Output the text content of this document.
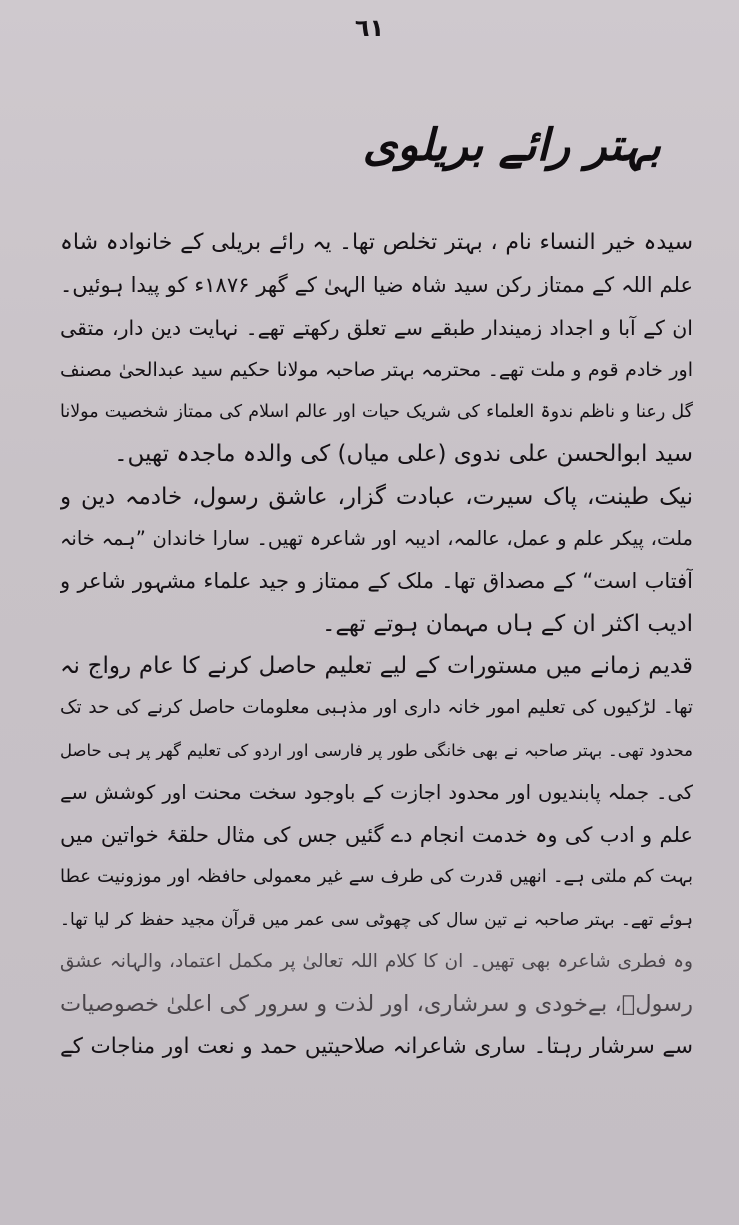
٦١
بہتر رائے بریلوی
سیدہ خیر النساء نام ، بہتر تخلص تھا۔ یہ رائے بریلی کے خانوادہ شاہ
علم اللہ کے ممتاز رکن سید شاہ ضیا الہیٰ کے گھر ۱۸۷۶ء کو پیدا ہوئیں۔
ان کے آبا و اجداد زمیندار طبقے سے تعلق رکھتے تھے۔ نہایت دین دار، متقی
اور خادم قوم و ملت تھے۔ محترمہ بہتر صاحبہ مولانا حکیم سید عبدالحیٰ مصنف
گل رعنا و ناظم ندوۃ العلماء کی شریک حیات اور عالم اسلام کی ممتاز شخصیت مولانا
سید ابوالحسن علی ندوی (علی میاں) کی والدہ ماجدہ تھیں۔
نیک طینت، پاک سیرت، عبادت گزار، عاشق رسول، خادمہ دین و
ملت، پیکر علم و عمل، عالمہ، ادیبہ اور شاعرہ تھیں۔ سارا خاندان ”ہمہ خانہ
آفتاب است“ کے مصداق تھا۔ ملک کے ممتاز و جید علماء مشہور شاعر و
ادیب اکثر ان کے ہاں مہمان ہوتے تھے۔
قدیم زمانے میں مستورات کے لیے تعلیم حاصل کرنے کا عام رواج نہ
تھا۔ لڑکیوں کی تعلیم امور خانہ داری اور مذہبی معلومات حاصل کرنے کی حد تک
محدود تھی۔ بہتر صاحبہ نے بھی خانگی طور پر فارسی اور اردو کی تعلیم گھر پر ہی حاصل
کی۔ جملہ پابندیوں اور محدود اجازت کے باوجود سخت محنت اور کوشش سے
علم و ادب کی وہ خدمت انجام دے گئیں جس کی مثال حلقۂ خواتین میں
بہت کم ملتی ہے۔ انھیں قدرت کی طرف سے غیر معمولی حافظہ اور موزونیت عطا
ہوئے تھے۔ بہتر صاحبہ نے تین سال کی چھوٹی سی عمر میں قرآن مجید حفظ کر لیا تھا۔
وہ فطری شاعرہ بھی تھیں۔ ان کا کلام اللہ تعالیٰ پر مکمل اعتماد، والہانہ عشق
رسولؐ، بےخودی و سرشاری، اور لذت و سرور کی اعلیٰ خصوصیات
سے سرشار رہتا۔ ساری شاعرانہ صلاحیتیں حمد و نعت اور مناجات کے
